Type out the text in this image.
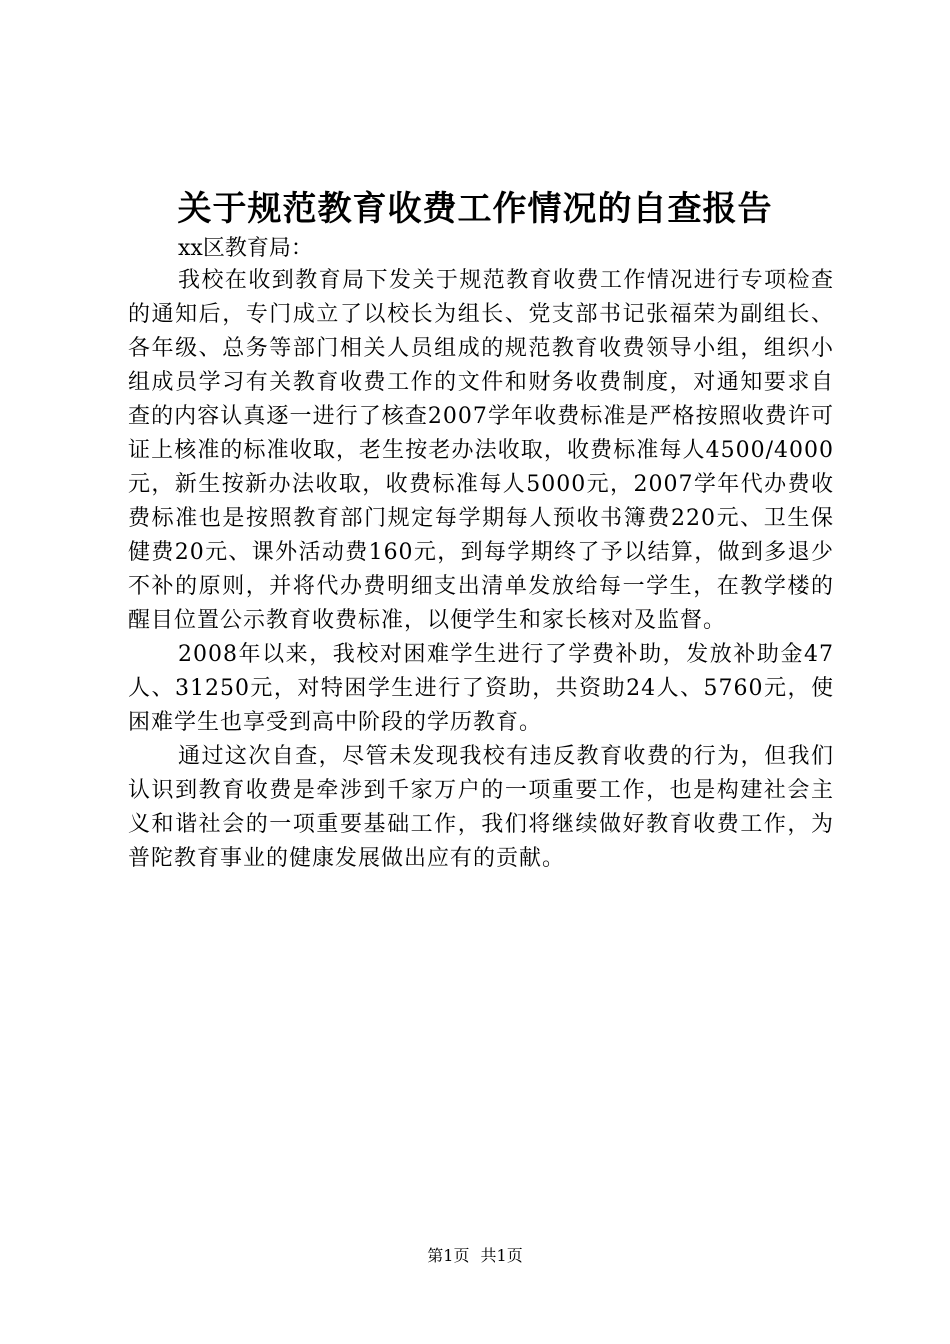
关于规范教育收费工作情况的自查报告
xx区教育局：

我校在收到教育局下发关于规范教育收费工作情况进行专项检查的通知后，专门成立了以校长为组长、党支部书记张福荣为副组长、各年级、总务等部门相关人员组成的规范教育收费领导小组，组织小组成员学习有关教育收费工作的文件和财务收费制度，对通知要求自查的内容认真逐一进行了核查2007学年收费标准是严格按照收费许可证上核准的标准收取，老生按老办法收取，收费标准每人4500/4000元，新生按新办法收取，收费标准每人5000元，2007学年代办费收费标准也是按照教育部门规定每学期每人预收书簿费220元、卫生保健费20元、课外活动费160元，到每学期终了予以结算，做到多退少不补的原则，并将代办费明细支出清单发放给每一学生，在教学楼的醒目位置公示教育收费标准，以便学生和家长核对及监督。

2008年以来，我校对困难学生进行了学费补助，发放补助金47人、31250元，对特困学生进行了资助，共资助24人、5760元，使困难学生也享受到高中阶段的学历教育。

通过这次自查，尽管未发现我校有违反教育收费的行为，但我们认识到教育收费是牵涉到千家万户的一项重要工作，也是构建社会主义和谐社会的一项重要基础工作，我们将继续做好教育收费工作，为普陀教育事业的健康发展做出应有的贡献。

第1页 共1页
